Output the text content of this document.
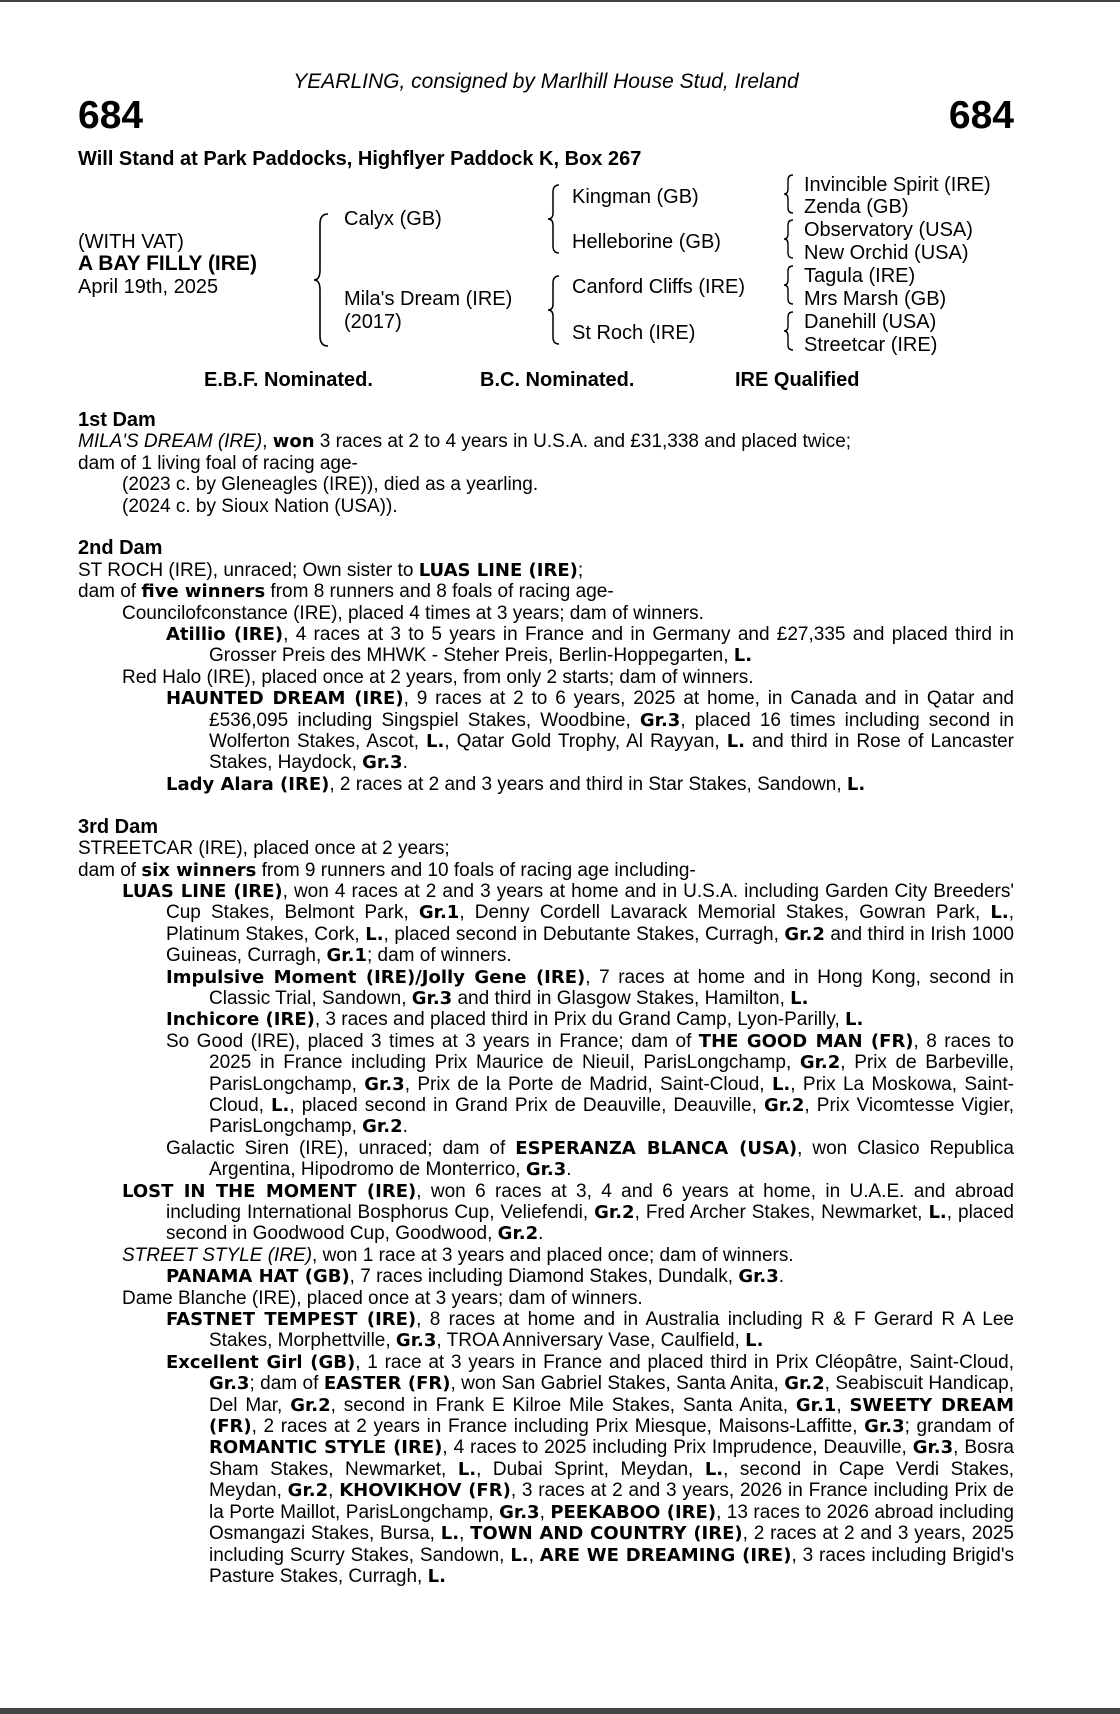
YEARLING, consigned by Marlhill House Stud, Ireland
684	684
Will Stand at Park Paddocks, Highflyer Paddock K, Box 267
(WITH VAT)
A BAY FILLY (IRE)
April 19th, 2025
Calyx (GB)
Mila's Dream (IRE)
(2017)
Kingman (GB)
Helleborine (GB)
Canford Cliffs (IRE)
St Roch (IRE)
Invincible Spirit (IRE)
Zenda (GB)
Observatory (USA)
New Orchid (USA)
Tagula (IRE)
Mrs Marsh (GB)
Danehill (USA)
Streetcar (IRE)
E.B.F. Nominated.	B.C. Nominated.	IRE Qualified

1st Dam

MILA'S DREAM (IRE), won 3 races at 2 to 4 years in U.S.A. and £31,338 and placed twice;

dam of 1 living foal of racing age-

(2023 c. by Gleneagles (IRE)), died as a yearling.

(2024 c. by Sioux Nation (USA)).

2nd Dam

ST ROCH (IRE), unraced; Own sister to LUAS LINE (IRE);

dam of five winners from 8 runners and 8 foals of racing age-

Councilofconstance (IRE), placed 4 times at 3 years; dam of winners.

Atillio (IRE), 4 races at 3 to 5 years in France and in Germany and £27,335 and placed third in Grosser Preis des MHWK - Steher Preis, Berlin-Hoppegarten, L.

Red Halo (IRE), placed once at 2 years, from only 2 starts; dam of winners.

HAUNTED DREAM (IRE), 9 races at 2 to 6 years, 2025 at home, in Canada and in Qatar and £536,095 including Singspiel Stakes, Woodbine, Gr.3, placed 16 times including second in Wolferton Stakes, Ascot, L., Qatar Gold Trophy, Al Rayyan, L. and third in Rose of Lancaster Stakes, Haydock, Gr.3.

Lady Alara (IRE), 2 races at 2 and 3 years and third in Star Stakes, Sandown, L.

3rd Dam

STREETCAR (IRE), placed once at 2 years;

dam of six winners from 9 runners and 10 foals of racing age including-

LUAS LINE (IRE), won 4 races at 2 and 3 years at home and in U.S.A. including Garden City Breeders' Cup Stakes, Belmont Park, Gr.1, Denny Cordell Lavarack Memorial Stakes, Gowran Park, L., Platinum Stakes, Cork, L., placed second in Debutante Stakes, Curragh, Gr.2 and third in Irish 1000 Guineas, Curragh, Gr.1; dam of winners.

Impulsive Moment (IRE)/Jolly Gene (IRE), 7 races at home and in Hong Kong, second in Classic Trial, Sandown, Gr.3 and third in Glasgow Stakes, Hamilton, L.

Inchicore (IRE), 3 races and placed third in Prix du Grand Camp, Lyon-Parilly, L.

So Good (IRE), placed 3 times at 3 years in France; dam of THE GOOD MAN (FR), 8 races to 2025 in France including Prix Maurice de Nieuil, ParisLongchamp, Gr.2, Prix de Barbeville, ParisLongchamp, Gr.3, Prix de la Porte de Madrid, Saint-Cloud, L., Prix La Moskowa, Saint-Cloud, L., placed second in Grand Prix de Deauville, Deauville, Gr.2, Prix Vicomtesse Vigier, ParisLongchamp, Gr.2.

Galactic Siren (IRE), unraced; dam of ESPERANZA BLANCA (USA), won Clasico Republica Argentina, Hipodromo de Monterrico, Gr.3.

LOST IN THE MOMENT (IRE), won 6 races at 3, 4 and 6 years at home, in U.A.E. and abroad including International Bosphorus Cup, Veliefendi, Gr.2, Fred Archer Stakes, Newmarket, L., placed second in Goodwood Cup, Goodwood, Gr.2.

STREET STYLE (IRE), won 1 race at 3 years and placed once; dam of winners.

PANAMA HAT (GB), 7 races including Diamond Stakes, Dundalk, Gr.3.

Dame Blanche (IRE), placed once at 3 years; dam of winners.

FASTNET TEMPEST (IRE), 8 races at home and in Australia including R & F Gerard R A Lee Stakes, Morphettville, Gr.3, TROA Anniversary Vase, Caulfield, L.

Excellent Girl (GB), 1 race at 3 years in France and placed third in Prix Cléopâtre, Saint-Cloud, Gr.3; dam of EASTER (FR), won San Gabriel Stakes, Santa Anita, Gr.2, Seabiscuit Handicap, Del Mar, Gr.2, second in Frank E Kilroe Mile Stakes, Santa Anita, Gr.1, SWEETY DREAM (FR), 2 races at 2 years in France including Prix Miesque, Maisons-Laffitte, Gr.3; grandam of ROMANTIC STYLE (IRE), 4 races to 2025 including Prix Imprudence, Deauville, Gr.3, Bosra Sham Stakes, Newmarket, L., Dubai Sprint, Meydan, L., second in Cape Verdi Stakes, Meydan, Gr.2, KHOVIKHOV (FR), 3 races at 2 and 3 years, 2026 in France including Prix de la Porte Maillot, ParisLongchamp, Gr.3, PEEKABOO (IRE), 13 races to 2026 abroad including Osmangazi Stakes, Bursa, L., TOWN AND COUNTRY (IRE), 2 races at 2 and 3 years, 2025 including Scurry Stakes, Sandown, L., ARE WE DREAMING (IRE), 3 races including Brigid's Pasture Stakes, Curragh, L.
